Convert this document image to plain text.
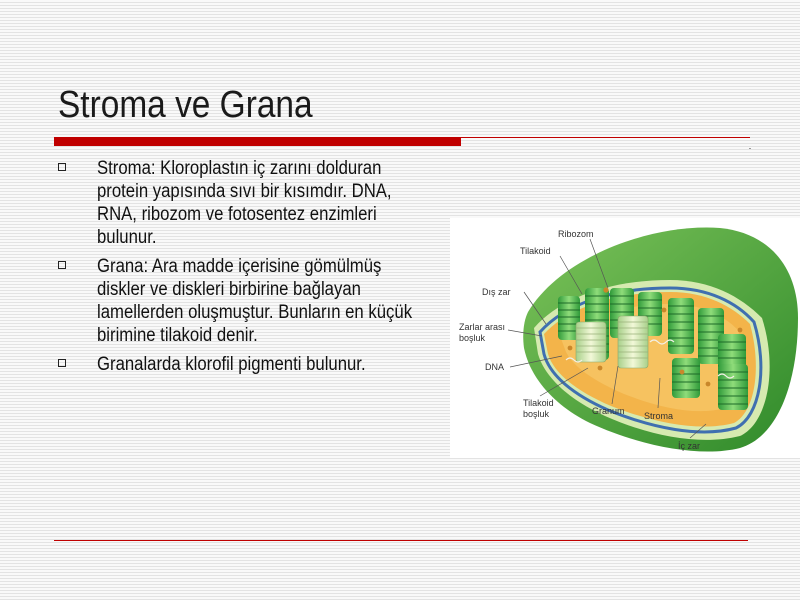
Stroma ve Grana
Stroma: Kloroplastın iç zarını dolduran protein yapısında sıvı bir kısımdır. DNA, RNA, ribozom ve fotosentez enzimleri bulunur.
Grana: Ara madde içerisine gömülmüş diskler ve diskleri birbirine bağlayan lamellerden oluşmuştur. Bunların en küçük birimine tilakoid denir.
Granalarda klorofil pigmenti bulunur.
Ribozom
Tilakoid
Dış zar
Zarlar arası
boşluk
DNA
Tilakoid
boşluk	Granum Stroma
İç zar
